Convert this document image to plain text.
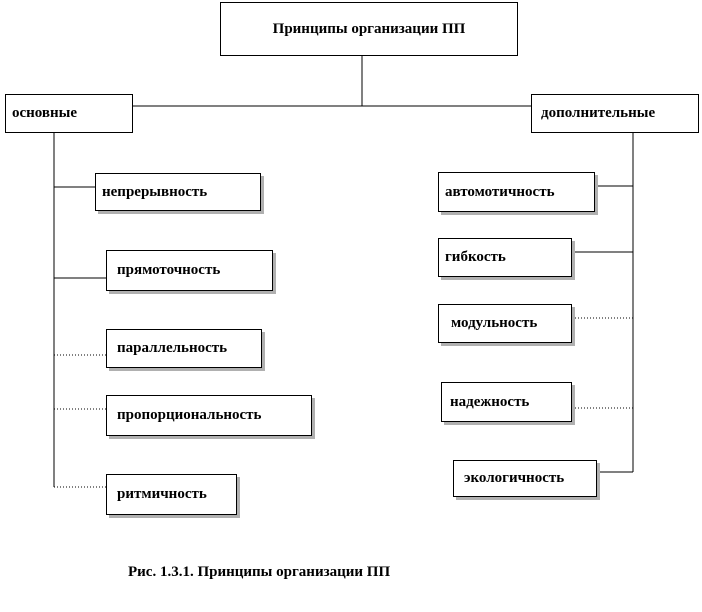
Принципы организации ПП
основные	дополнительные
непрерывность
прямоточность
параллельность
пропорциональность
ритмичность
автомотичность
гибкость
модульность
надежность
экологичность
Рис. 1.3.1. Принципы организации ПП
